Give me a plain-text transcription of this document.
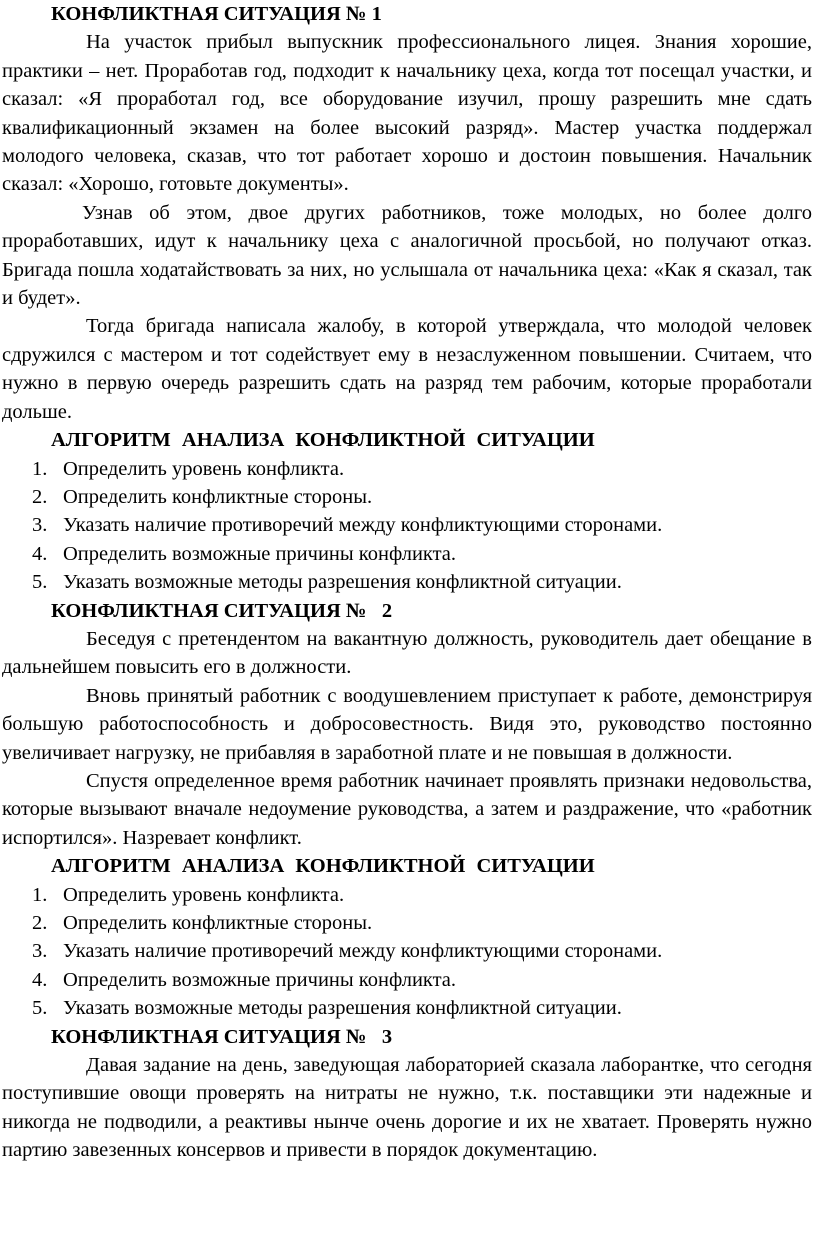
КОНФЛИКТНАЯ СИТУАЦИЯ № 1

На участок прибыл выпускник профессионального лицея. Знания хорошие, практики – нет. Проработав год, подходит к начальнику цеха, когда тот посещал участки, и сказал: «Я проработал год, все оборудование изучил, прошу разрешить мне сдать квалификационный экзамен на более высокий разряд». Мастер участка поддержал молодого человека, сказав, что тот работает хорошо и достоин повышения. Начальник сказал: «Хорошо, готовьте документы».

Узнав об этом, двое других работников, тоже молодых, но более долго проработавших, идут к начальнику цеха с аналогичной просьбой, но получают отказ. Бригада пошла ходатайствовать за них, но услышала от начальника цеха: «Как я сказал, так и будет».

Тогда бригада написала жалобу, в которой утверждала, что молодой человек сдружился с мастером и тот содействует ему в незаслуженном повышении. Считаем, что нужно в первую очередь разрешить сдать на разряд тем рабочим, которые проработали дольше.

АЛГОРИТМ АНАЛИЗА КОНФЛИКТНОЙ СИТУАЦИИ
1. Определить уровень конфликта.
2. Определить конфликтные стороны.
3. Указать наличие противоречий между конфликтующими сторонами.
4. Определить возможные причины конфликта.
5. Указать возможные методы разрешения конфликтной ситуации.
КОНФЛИКТНАЯ СИТУАЦИЯ №   2

Беседуя с претендентом на вакантную должность, руководитель дает обещание в дальнейшем повысить его в должности.

Вновь принятый работник с воодушевлением приступает к работе, демонстрируя большую работоспособность и добросовестность. Видя это, руководство постоянно увеличивает нагрузку, не прибавляя в заработной плате и не повышая в должности.

Спустя определенное время работник начинает проявлять признаки недовольства, которые вызывают вначале недоумение руководства, а затем и раздражение, что «работник испортился». Назревает конфликт.

АЛГОРИТМ АНАЛИЗА КОНФЛИКТНОЙ СИТУАЦИИ
1. Определить уровень конфликта.
2. Определить конфликтные стороны.
3. Указать наличие противоречий между конфликтующими сторонами.
4. Определить возможные причины конфликта.
5. Указать возможные методы разрешения конфликтной ситуации.
КОНФЛИКТНАЯ СИТУАЦИЯ №   3

Давая задание на день, заведующая лабораторией сказала лаборантке, что сегодня поступившие овощи проверять на нитраты не нужно, т.к. поставщики эти надежные и никогда не подводили, а реактивы нынче очень дорогие и их не хватает. Проверять нужно партию завезенных консервов и привести в порядок документацию.
